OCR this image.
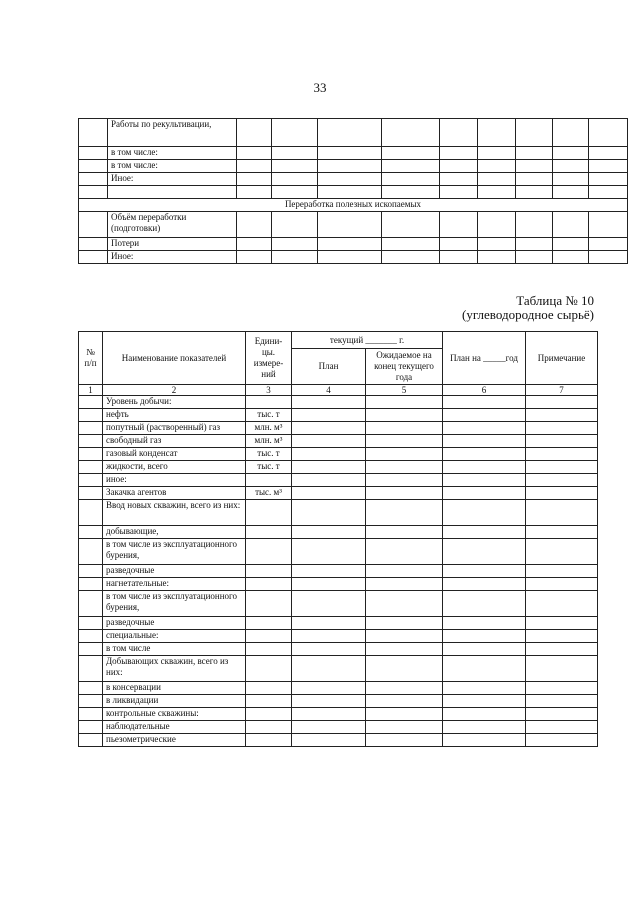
33
	Работы по рекультивации,									
	в том числе:									
	в том числе:									
	Иное:									

Переработка полезных ископаемых										
	Объём переработки (подготовки)									
	Потери									
	Иное:									
Таблица № 10
(углеводородное сырьё)
№ п/п	Наименование показателей	Едини- цы. измере- ний	текущий _______ г.		План на _____год	Примечание
			План	Ожидаемое на конец текущего года		
1	2	3	4	5	6	7
	Уровень добычи:					
	нефть	тыс. т				
	попутный (растворенный) газ	млн. м³				
	свободный газ	млн. м³				
	газовый конденсат	тыс. т				
	жидкости, всего	тыс. т				
	иное:					
	Закачка агентов	тыс. м³				
	Ввод новых скважин, всего из них:					
	добывающие,					
	в том числе из эксплуатационного бурения,					
	разведочные					
	нагнетательные:					
	в том числе из эксплуатационного бурения,					
	разведочные					
	специальные:					
	в том числе					
	Добывающих скважин, всего из них:					
	в консервации					
	в ликвидации					
	контрольные скважины:					
	наблюдательные					
	пьезометрические					
